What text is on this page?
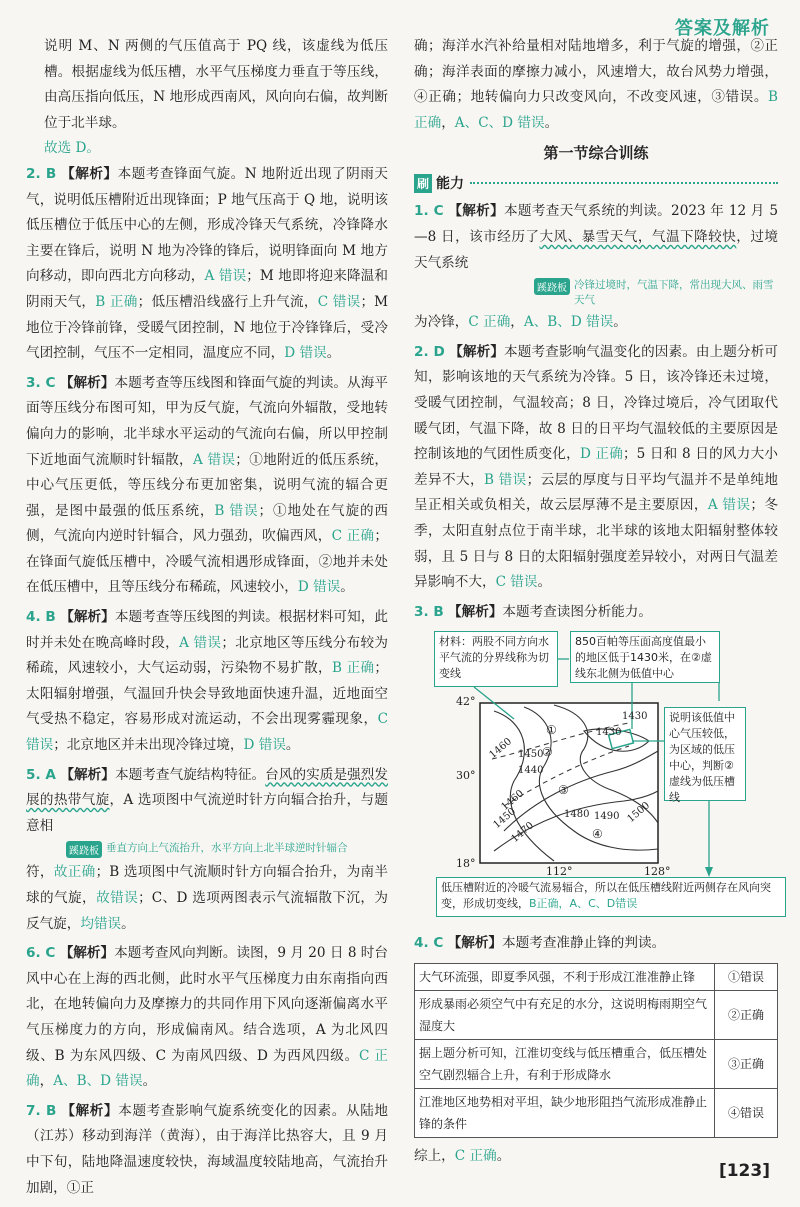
答案及解析

说明 M、N 两侧的气压值高于 PQ 线，该虚线为低压槽。根据虚线为低压槽，水平气压梯度力垂直于等压线，由高压指向低压，N 地形成西南风，风向向右偏，故判断位于北半球。
故选 D。

2. B 【解析】本题考查锋面气旋。N 地附近出现了阴雨天气，说明低压槽附近出现锋面；P 地气压高于 Q 地，说明该低压槽位于低压中心的左侧，形成冷锋天气系统，冷锋降水主要在锋后，说明 N 地为冷锋的锋后，说明锋面向 M 地方向移动，即向西北方向移动，A 错误；M 地即将迎来降温和阴雨天气，B 正确；低压槽沿线盛行上升气流，C 错误；M 地位于冷锋前锋，受暖气团控制，N 地位于冷锋锋后，受冷气团控制，气压不一定相同，温度应不同，D 错误。

3. C 【解析】本题考查等压线图和锋面气旋的判读。从海平面等压线分布图可知，甲为反气旋，气流向外辐散，受地转偏向力的影响，北半球水平运动的气流向右偏，所以甲控制下近地面气流顺时针辐散，A 错误；①地附近的低压系统，中心气压更低，等压线分布更加密集，说明气流的辐合更强，是图中最强的低压系统，B 错误；①地处在气旋的西侧，气流向内逆时针辐合，风力强劲，吹偏西风，C 正确；在锋面气旋低压槽中，冷暖气流相遇形成锋面，②地并未处在低压槽中，且等压线分布稀疏，风速较小，D 错误。

4. B 【解析】本题考查等压线图的判读。根据材料可知，此时并未处在晚高峰时段，A 错误；北京地区等压线分布较为稀疏，风速较小，大气运动弱，污染物不易扩散，B 正确；太阳辐射增强，气温回升快会导致地面快速升温，近地面空气受热不稳定，容易形成对流运动，不会出现雾霾现象，C 错误；北京地区并未出现冷锋过境，D 错误。

5. A 【解析】本题考查气旋结构特征。台风的实质是强烈发展的热带气旋，A 选项图中气流逆时针方向辐合抬升，与题意相

蹊跷板 垂直方向上气流抬升，水平方向上北半球逆时针辐合

符，故正确；B 选项图中气流顺时针方向辐合抬升，为南半球的气旋，故错误；C、D 选项两图表示气流辐散下沉，为反气旋，均错误。

6. C 【解析】本题考查风向判断。读图，9 月 20 日 8 时台风中心在上海的西北侧，此时水平气压梯度力由东南指向西北，在地转偏向力及摩擦力的共同作用下风向逐渐偏离水平气压梯度力的方向，形成偏南风。结合选项，A 为北风四级、B 为东风四级、C 为南风四级、D 为西风四级。C 正确，A、B、D 错误。

7. B 【解析】本题考查影响气旋系统变化的因素。从陆地（江苏）移动到海洋（黄海），由于海洋比热容大，且 9 月中下旬，陆地降温速度较快，海域温度较陆地高，气流抬升加剧，①正

确；海洋水汽补给量相对陆地增多，利于气旋的增强，②正确；海洋表面的摩擦力减小，风速增大，故台风势力增强，④正确；地转偏向力只改变风向，不改变风速，③错误。B 正确，A、C、D 错误。

第一节综合训练
刷 能力

1. C 【解析】本题考查天气系统的判读。2023 年 12 月 5—8 日，该市经历了大风、暴雪天气，气温下降较快，过境天气系统

蹊跷板 冷锋过境时，气温下降，常出现大风、雨雪天气

为冷锋，C 正确，A、B、D 错误。

2. D 【解析】本题考查影响气温变化的因素。由上题分析可知，影响该地的天气系统为冷锋。5 日，该冷锋还未过境，受暖气团控制，气温较高；8 日，冷锋过境后，冷气团取代暖气团，气温下降，故 8 日的日平均气温较低的主要原因是控制该地的气团性质变化，D 正确；5 日和 8 日的风力大小差异不大，B 错误；云层的厚度与日平均气温并不是单纯地呈正相关或负相关，故云层厚薄不是主要原因，A 错误；冬季，太阳直射点位于南半球，北半球的该地太阳辐射整体较弱，且 5 日与 8 日的太阳辐射强度差异较小，对两日气温差异影响不大，C 错误。

3. B 【解析】本题考查读图分析能力。

材料：两股不同方向水平气流的分界线称为切变线
850百帕等压面高度值最小的地区低于1430米，在②虚线东北侧为低值中心
说明该低值中心气压较低，为区域的低压中心，判断②虚线为低压槽线
低压槽附近的冷暖气流易辐合，所以在低压槽线附近两侧存在风向突变，形成切变线，B正确，A、C、D错误
42°
30°
18°
112°	128°
1430
1430
1460 1450
1440
1460
1450
1470
1480 1490 1500
①
②
③
④

4. C 【解析】本题考查准静止锋的判读。

大气环流强，即夏季风强，不利于形成江淮准静止锋	①错误
形成暴雨必须空气中有充足的水分，这说明梅雨期空气湿度大	②正确
据上题分析可知，江淮切变线与低压槽重合，低压槽处空气剧烈辐合上升，有利于形成降水	③正确
江淮地区地势相对平坦，缺少地形阻挡气流形成准静止锋的条件	④错误

综上，C 正确。

[123]
